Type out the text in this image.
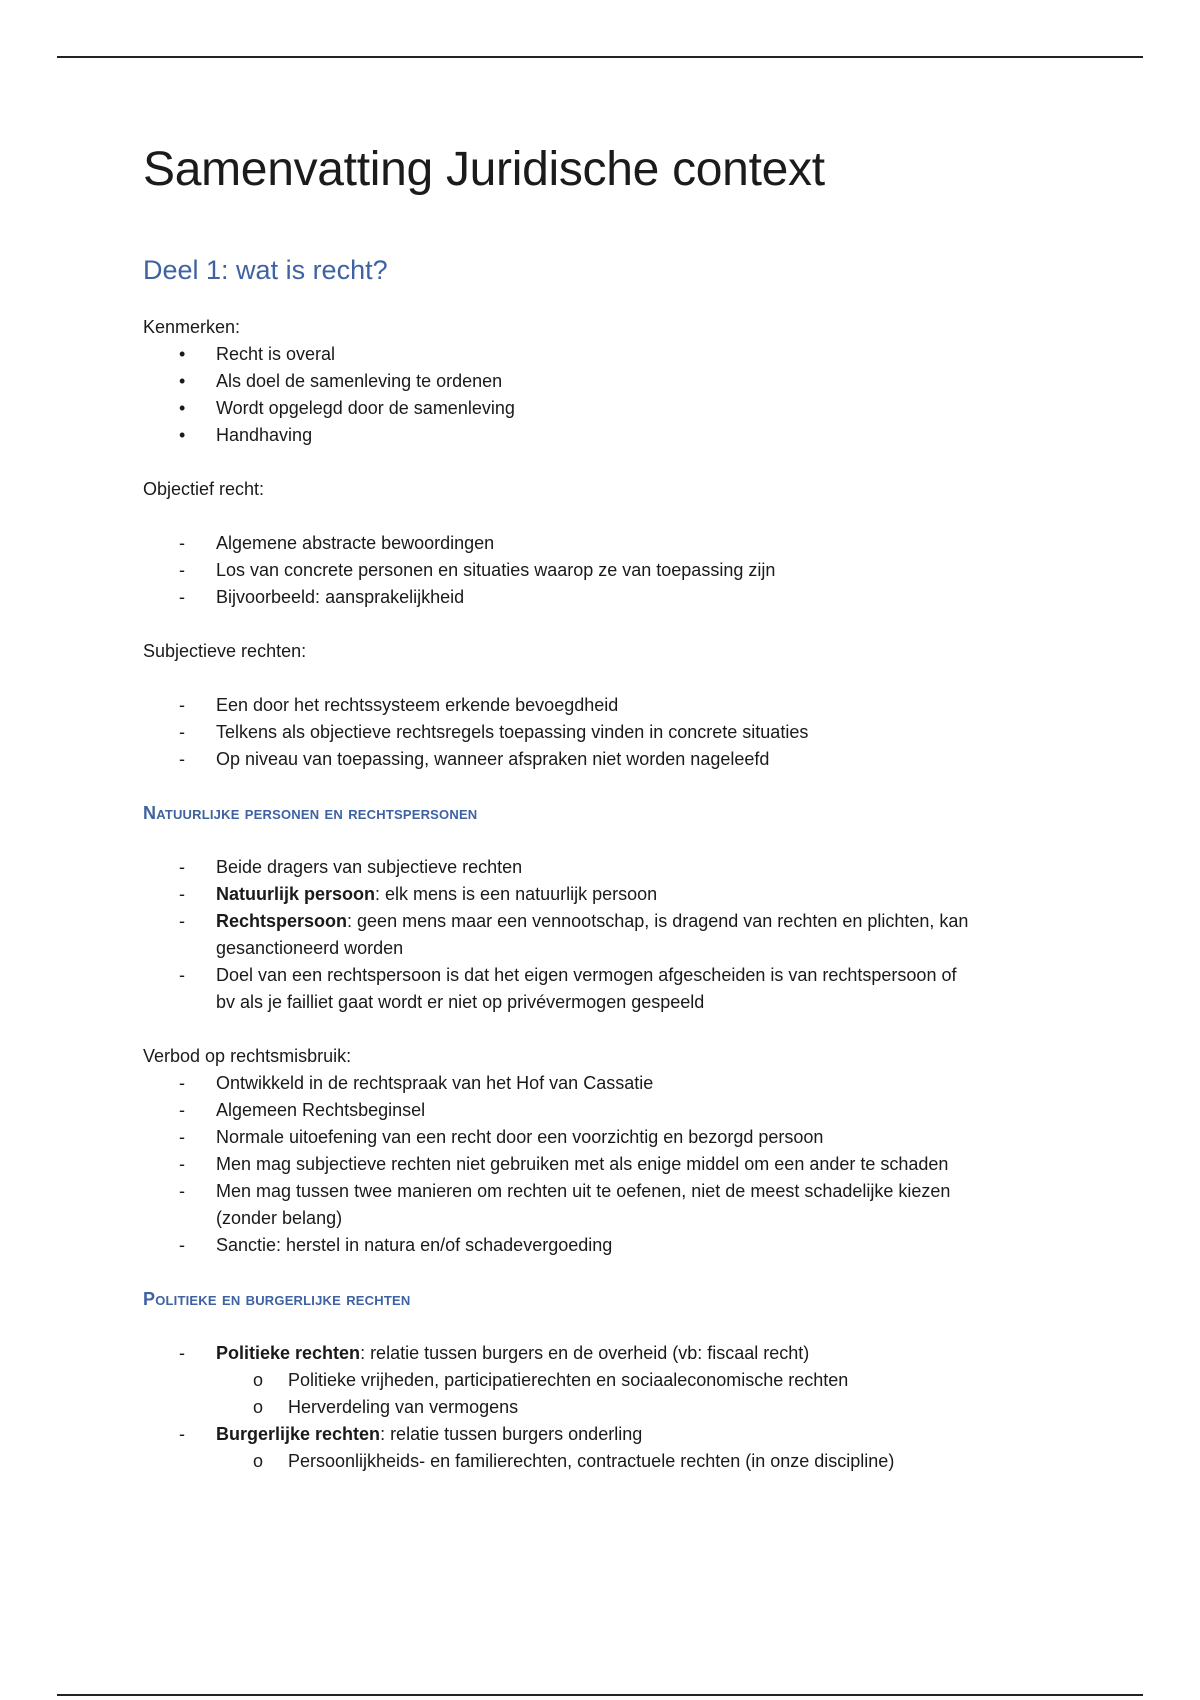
Samenvatting Juridische context
Deel 1: wat is recht?

Kenmerken:

•	Recht is overal
•	Als doel de samenleving te ordenen
•	Wordt opgelegd door de samenleving
•	Handhaving

Objectief recht:

-	Algemene abstracte bewoordingen
-	Los van concrete personen en situaties waarop ze van toepassing zijn
-	Bijvoorbeeld: aansprakelijkheid

Subjectieve rechten:

-	Een door het rechtssysteem erkende bevoegdheid
-	Telkens als objectieve rechtsregels toepassing vinden in concrete situaties
-	Op niveau van toepassing, wanneer afspraken niet worden nageleefd

Natuurlijke personen en rechtspersonen

-	Beide dragers van subjectieve rechten
-	Natuurlijk persoon: elk mens is een natuurlijk persoon
-	Rechtspersoon: geen mens maar een vennootschap, is dragend van rechten en plichten, kan
gesanctioneerd worden
-	Doel van een rechtspersoon is dat het eigen vermogen afgescheiden is van rechtspersoon of
bv als je failliet gaat wordt er niet op privévermogen gespeeld

Verbod op rechtsmisbruik:

-	Ontwikkeld in de rechtspraak van het Hof van Cassatie
-	Algemeen Rechtsbeginsel
-	Normale uitoefening van een recht door een voorzichtig en bezorgd persoon
-	Men mag subjectieve rechten niet gebruiken met als enige middel om een ander te schaden
-	Men mag tussen twee manieren om rechten uit te oefenen, niet de meest schadelijke kiezen
(zonder belang)
-	Sanctie: herstel in natura en/of schadevergoeding

Politieke en burgerlijke rechten

-	Politieke rechten: relatie tussen burgers en de overheid (vb: fiscaal recht)
o	Politieke vrijheden, participatierechten en sociaaleconomische rechten
o	Herverdeling van vermogens
-	Burgerlijke rechten: relatie tussen burgers onderling
o	Persoonlijkheids- en familierechten, contractuele rechten (in onze discipline)
